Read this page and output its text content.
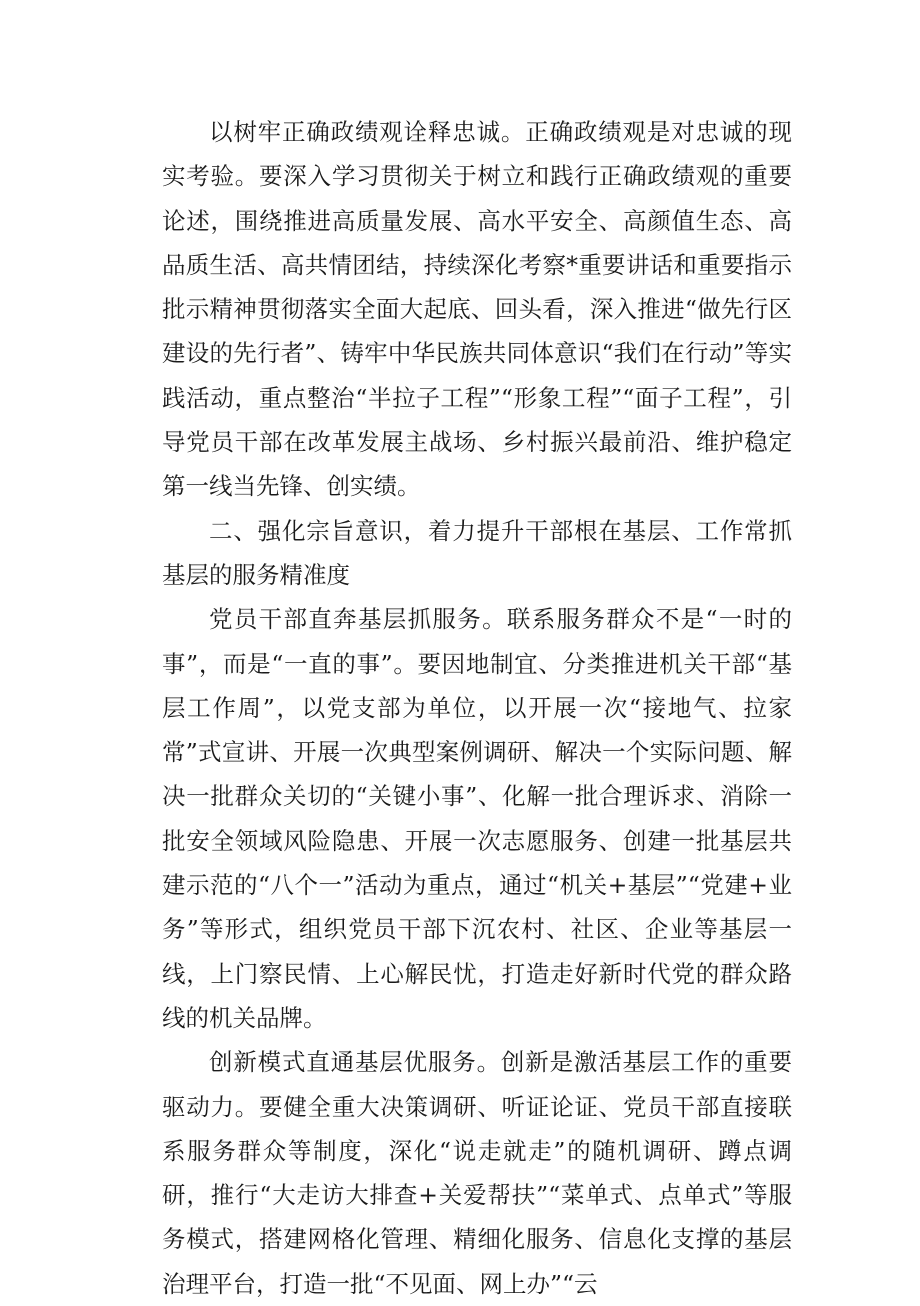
以树牢正确政绩观诠释忠诚。正确政绩观是对忠诚的现实考验。要深入学习贯彻关于树立和践行正确政绩观的重要论述，围绕推进高质量发展、高水平安全、高颜值生态、高品质生活、高共情团结，持续深化考察*重要讲话和重要指示批示精神贯彻落实全面大起底、回头看，深入推进“做先行区建设的先行者”、铸牢中华民族共同体意识“我们在行动”等实践活动，重点整治“半拉子工程”“形象工程”“面子工程”，引导党员干部在改革发展主战场、乡村振兴最前沿、维护稳定第一线当先锋、创实绩。

二、强化宗旨意识，着力提升干部根在基层、工作常抓基层的服务精准度

党员干部直奔基层抓服务。联系服务群众不是“一时的事”，而是“一直的事”。要因地制宜、分类推进机关干部“基层工作周”，以党支部为单位，以开展一次“接地气、拉家常”式宣讲、开展一次典型案例调研、解决一个实际问题、解决一批群众关切的“关键小事”、化解一批合理诉求、消除一批安全领域风险隐患、开展一次志愿服务、创建一批基层共建示范的“八个一”活动为重点，通过“机关+基层”“党建+业务”等形式，组织党员干部下沉农村、社区、企业等基层一线，上门察民情、上心解民忧，打造走好新时代党的群众路线的机关品牌。

创新模式直通基层优服务。创新是激活基层工作的重要驱动力。要健全重大决策调研、听证论证、党员干部直接联系服务群众等制度，深化“说走就走”的随机调研、蹲点调研，推行“大走访大排查+关爱帮扶”“菜单式、点单式”等服务模式，搭建网格化管理、精细化服务、信息化支撑的基层治理平台，打造一批“不见面、网上办”“云
